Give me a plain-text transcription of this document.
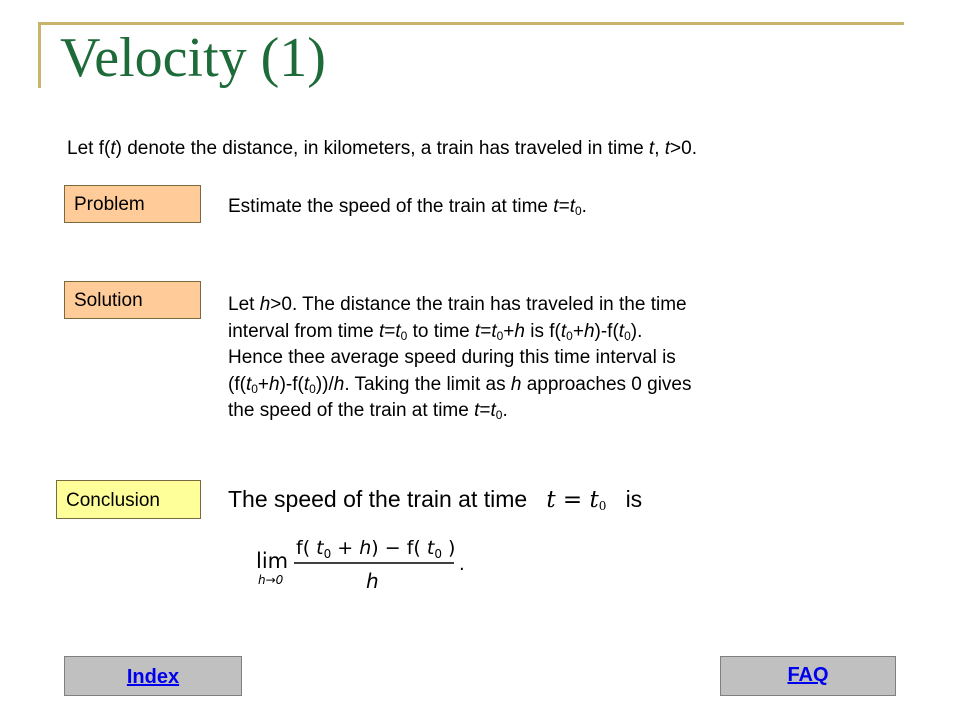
Velocity (1)
Let f(t) denote the distance, in kilometers, a train has traveled in time t, t>0.
Problem	Estimate the speed of the train at time $t=t_0$.
Solution	Let h>0. The distance the train has traveled in the time
interval from time $t=t_0$ to time $t=t_0+h$ is $f(t_0+h)-f(t_0)$.
Hence thee average speed during this time interval is
$(f(t_0+h)-f(t_0))/h$. Taking the limit as h approaches 0 gives
the speed of the train at time $t=t_0$.
Conclusion	The speed of the train at time $t = t_0$ is
lim
h→0
f( $t_0 + h) - f$( $t_0$ )
h
.
Index	FAQ
